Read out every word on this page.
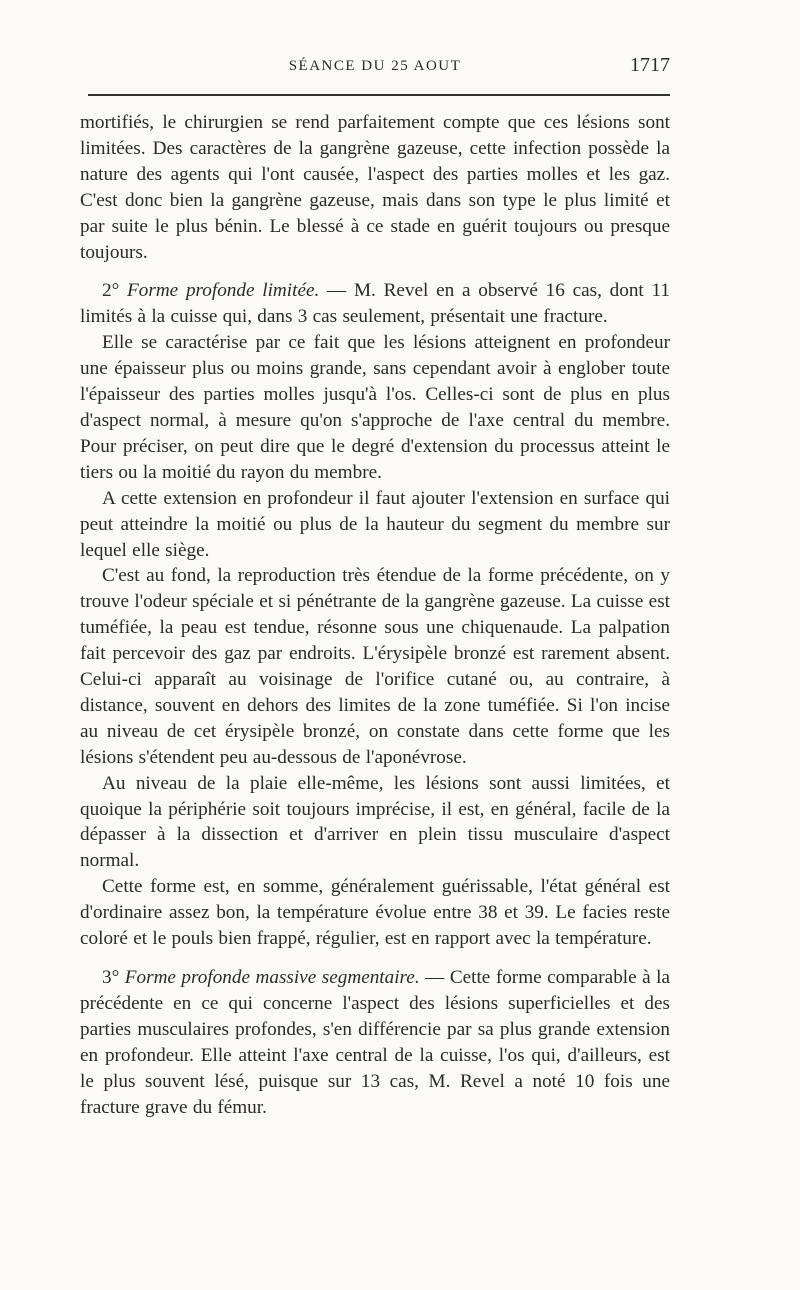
SÉANCE DU 25 AOUT	1717

mortifiés, le chirurgien se rend parfaitement compte que ces lésions sont limitées. Des caractères de la gangrène gazeuse, cette infection possède la nature des agents qui l'ont causée, l'aspect des parties molles et les gaz. C'est donc bien la gangrène gazeuse, mais dans son type le plus limité et par suite le plus bénin. Le blessé à ce stade en guérit toujours ou presque toujours.

2° Forme profonde limitée. — M. Revel en a observé 16 cas, dont 11 limités à la cuisse qui, dans 3 cas seulement, présentait une fracture.

Elle se caractérise par ce fait que les lésions atteignent en profondeur une épaisseur plus ou moins grande, sans cependant avoir à englober toute l'épaisseur des parties molles jusqu'à l'os. Celles-ci sont de plus en plus d'aspect normal, à mesure qu'on s'approche de l'axe central du membre. Pour préciser, on peut dire que le degré d'extension du processus atteint le tiers ou la moitié du rayon du membre.

A cette extension en profondeur il faut ajouter l'extension en surface qui peut atteindre la moitié ou plus de la hauteur du segment du membre sur lequel elle siège.

C'est au fond, la reproduction très étendue de la forme précédente, on y trouve l'odeur spéciale et si pénétrante de la gangrène gazeuse. La cuisse est tuméfiée, la peau est tendue, résonne sous une chiquenaude. La palpation fait percevoir des gaz par endroits. L'érysipèle bronzé est rarement absent. Celui-ci apparaît au voisinage de l'orifice cutané ou, au contraire, à distance, souvent en dehors des limites de la zone tuméfiée. Si l'on incise au niveau de cet érysipèle bronzé, on constate dans cette forme que les lésions s'étendent peu au-dessous de l'aponévrose.

Au niveau de la plaie elle-même, les lésions sont aussi limitées, et quoique la périphérie soit toujours imprécise, il est, en général, facile de la dépasser à la dissection et d'arriver en plein tissu musculaire d'aspect normal.

Cette forme est, en somme, généralement guérissable, l'état général est d'ordinaire assez bon, la température évolue entre 38 et 39. Le facies reste coloré et le pouls bien frappé, régulier, est en rapport avec la température.

3° Forme profonde massive segmentaire. — Cette forme comparable à la précédente en ce qui concerne l'aspect des lésions superficielles et des parties musculaires profondes, s'en différencie par sa plus grande extension en profondeur. Elle atteint l'axe central de la cuisse, l'os qui, d'ailleurs, est le plus souvent lésé, puisque sur 13 cas, M. Revel a noté 10 fois une fracture grave du fémur.
